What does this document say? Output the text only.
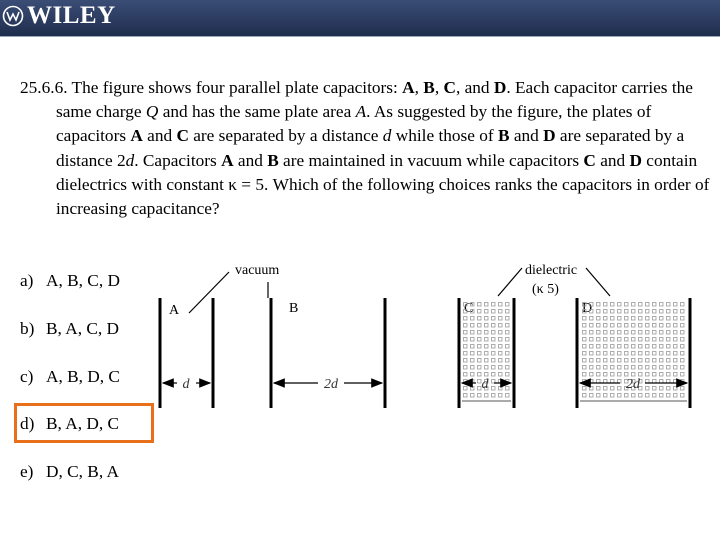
WILEY
25.6.6. The figure shows four parallel plate capacitors: A, B, C, and D. Each capacitor carries the same charge Q and has the same plate area A. As suggested by the figure, the plates of capacitors A and C are separated by a distance d while those of B and D are separated by a distance 2d. Capacitors A and B are maintained in vacuum while capacitors C and D contain dielectrics with constant κ = 5. Which of the following choices ranks the capacitors in order of increasing capacitance?
a) A, B, C, D
b) B, A, C, D
c) A, B, D, C
d) B, A, D, C
e) D, C, B, A
vacuum	dielectric
(κ 5)
A	B
d	2d	d	2d
